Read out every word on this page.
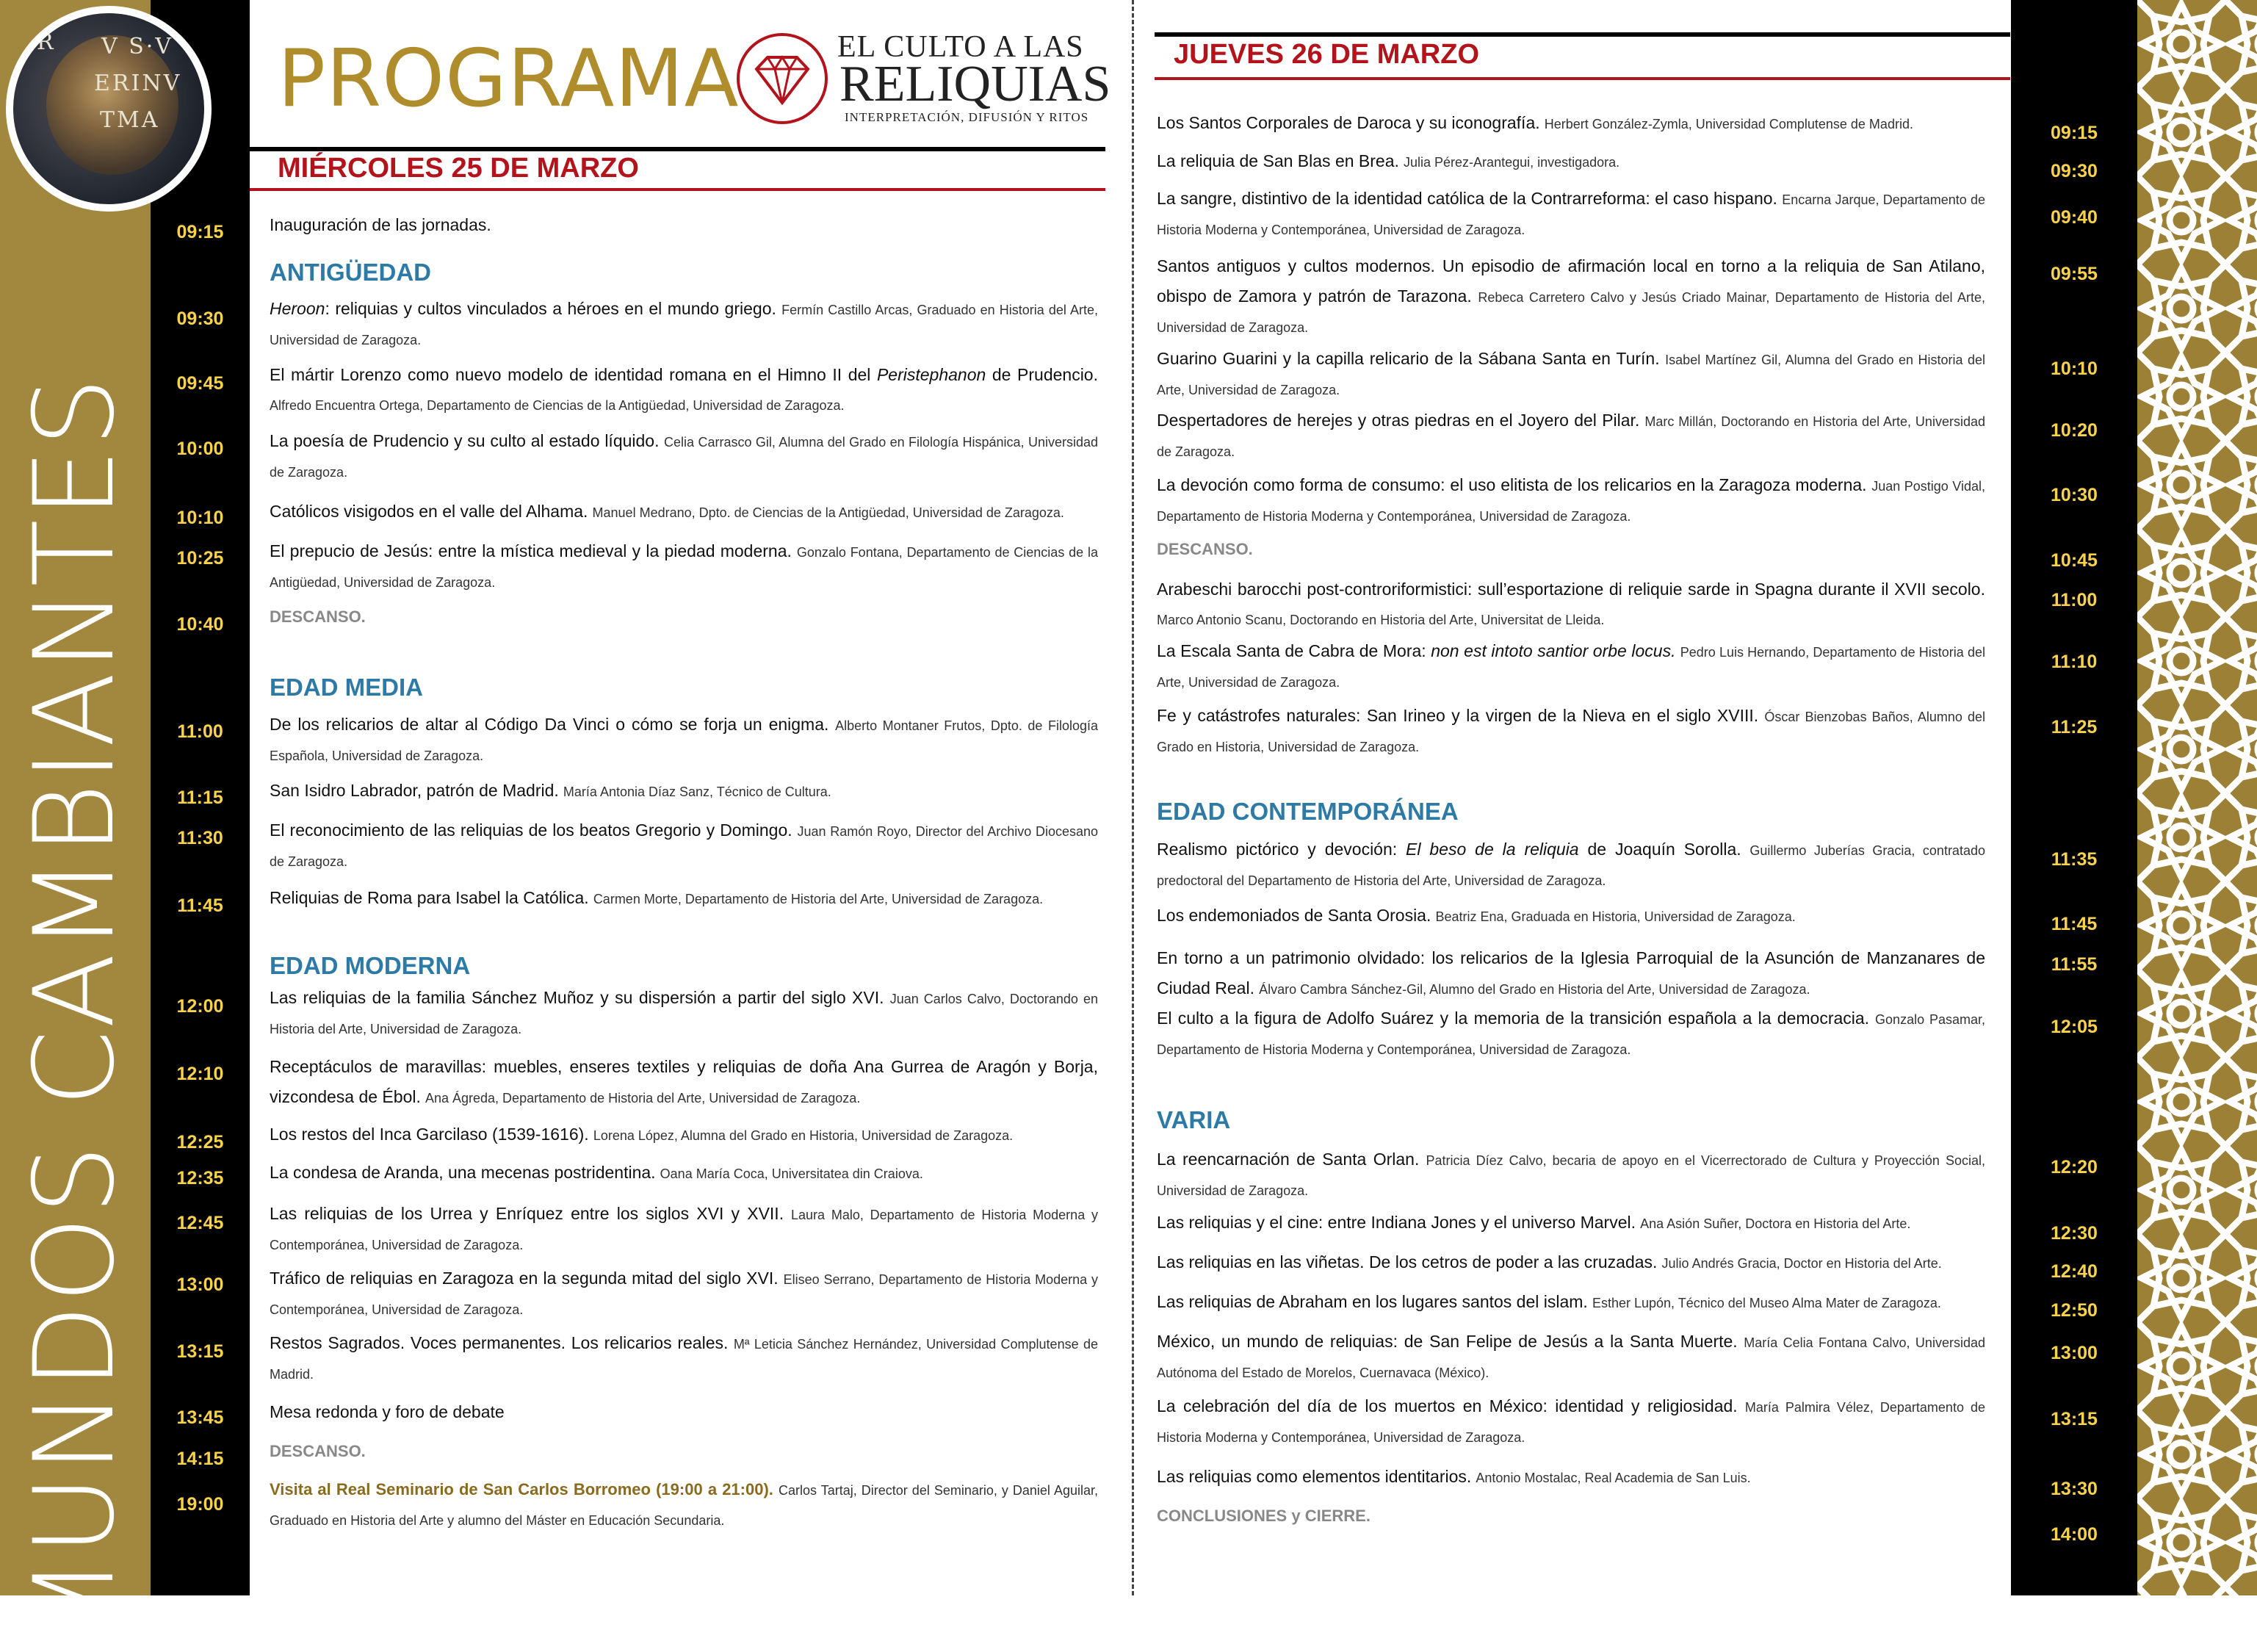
MUNDOS CAMBIANTES
R V S·V
ERINV
TMA PROGRAMA	EL CULTO A LAS
RELIQUIAS
INTERPRETACIÓN, DIFUSIÓN Y RITOS
MIÉRCOLES 25 DE MARZO
JUEVES 26 DE MARZO
09:15
09:30
09:45
10:00
10:10
10:25
10:40
11:00
11:15
11:30
11:45
12:00
12:10
12:25
12:35
12:45
13:00
13:15
13:45
14:15
19:00
09:15
09:30
09:40
09:55
10:10
10:20
10:30
10:45
11:00
11:10
11:25
11:35
11:45
11:55
12:05
12:20
12:30
12:40
12:50
13:00
13:15
13:30
14:00
Inauguración de las jornadas.
Heroon: reliquias y cultos vinculados a héroes en el mundo griego. Fermín Castillo Arcas, Graduado en Historia del Arte, Universidad de Zaragoza.
El mártir Lorenzo como nuevo modelo de identidad romana en el Himno II del Peristephanon de Prudencio. Alfredo Encuentra Ortega, Departamento de Ciencias de la Antigüedad, Universidad de Zaragoza.
La poesía de Prudencio y su culto al estado líquido. Celia Carrasco Gil, Alumna del Grado en Filología Hispánica, Universidad de Zaragoza.
Católicos visigodos en el valle del Alhama. Manuel Medrano, Dpto. de Ciencias de la Antigüedad, Universidad de Zaragoza.
El prepucio de Jesús: entre la mística medieval y la piedad moderna. Gonzalo Fontana, Departamento de Ciencias de la Antigüedad, Universidad de Zaragoza.
DESCANSO.
De los relicarios de altar al Código Da Vinci o cómo se forja un enigma. Alberto Montaner Frutos, Dpto. de Filología Española, Universidad de Zaragoza.
San Isidro Labrador, patrón de Madrid. María Antonia Díaz Sanz, Técnico de Cultura.
El reconocimiento de las reliquias de los beatos Gregorio y Domingo. Juan Ramón Royo, Director del Archivo Diocesano de Zaragoza.
Reliquias de Roma para Isabel la Católica. Carmen Morte, Departamento de Historia del Arte, Universidad de Zaragoza.
Las reliquias de la familia Sánchez Muñoz y su dispersión a partir del siglo XVI. Juan Carlos Calvo, Doctorando en Historia del Arte, Universidad de Zaragoza.
Receptáculos de maravillas: muebles, enseres textiles y reliquias de doña Ana Gurrea de Aragón y Borja, vizcondesa de Ébol. Ana Ágreda, Departamento de Historia del Arte, Universidad de Zaragoza.
Los restos del Inca Garcilaso (1539-1616). Lorena López, Alumna del Grado en Historia, Universidad de Zaragoza.
La condesa de Aranda, una mecenas postridentina. Oana María Coca, Universitatea din Craiova.
Las reliquias de los Urrea y Enríquez entre los siglos XVI y XVII. Laura Malo, Departamento de Historia Moderna y Contemporánea, Universidad de Zaragoza.
Tráfico de reliquias en Zaragoza en la segunda mitad del siglo XVI. Eliseo Serrano, Departamento de Historia Moderna y Contemporánea, Universidad de Zaragoza.
Restos Sagrados. Voces permanentes. Los relicarios reales. Mª Leticia Sánchez Hernández, Universidad Complutense de Madrid.
Mesa redonda y foro de debate
DESCANSO.
Visita al Real Seminario de San Carlos Borromeo (19:00 a 21:00). Carlos Tartaj, Director del Seminario, y Daniel Aguilar, Graduado en Historia del Arte y alumno del Máster en Educación Secundaria.
Los Santos Corporales de Daroca y su iconografía. Herbert González-Zymla, Universidad Complutense de Madrid.
La reliquia de San Blas en Brea. Julia Pérez-Arantegui, investigadora.
La sangre, distintivo de la identidad católica de la Contrarreforma: el caso hispano. Encarna Jarque, Departamento de Historia Moderna y Contemporánea, Universidad de Zaragoza.
Santos antiguos y cultos modernos. Un episodio de afirmación local en torno a la reliquia de San Atilano, obispo de Zamora y patrón de Tarazona. Rebeca Carretero Calvo y Jesús Criado Mainar, Departamento de Historia del Arte, Universidad de Zaragoza.
Guarino Guarini y la capilla relicario de la Sábana Santa en Turín. Isabel Martínez Gil, Alumna del Grado en Historia del Arte, Universidad de Zaragoza.
Despertadores de herejes y otras piedras en el Joyero del Pilar. Marc Millán, Doctorando en Historia del Arte, Universidad de Zaragoza.
La devoción como forma de consumo: el uso elitista de los relicarios en la Zaragoza moderna. Juan Postigo Vidal, Departamento de Historia Moderna y Contemporánea, Universidad de Zaragoza.
DESCANSO.
Arabeschi barocchi post-controriformistici: sull’esportazione di reliquie sarde in Spagna durante il XVII secolo. Marco Antonio Scanu, Doctorando en Historia del Arte, Universitat de Lleida.
La Escala Santa de Cabra de Mora: non est intoto santior orbe locus. Pedro Luis Hernando, Departamento de Historia del Arte, Universidad de Zaragoza.
Fe y catástrofes naturales: San Irineo y la virgen de la Nieva en el siglo XVIII. Óscar Bienzobas Baños, Alumno del Grado en Historia, Universidad de Zaragoza.
Realismo pictórico y devoción: El beso de la reliquia de Joaquín Sorolla. Guillermo Juberías Gracia, contratado predoctoral del Departamento de Historia del Arte, Universidad de Zaragoza.
Los endemoniados de Santa Orosia. Beatriz Ena, Graduada en Historia, Universidad de Zaragoza.
En torno a un patrimonio olvidado: los relicarios de la Iglesia Parroquial de la Asunción de Manzanares de Ciudad Real. Álvaro Cambra Sánchez-Gil, Alumno del Grado en Historia del Arte, Universidad de Zaragoza.
El culto a la figura de Adolfo Suárez y la memoria de la transición española a la democracia. Gonzalo Pasamar, Departamento de Historia Moderna y Contemporánea, Universidad de Zaragoza.
La reencarnación de Santa Orlan. Patricia Díez Calvo, becaria de apoyo en el Vicerrectorado de Cultura y Proyección Social, Universidad de Zaragoza.
Las reliquias y el cine: entre Indiana Jones y el universo Marvel. Ana Asión Suñer, Doctora en Historia del Arte.
Las reliquias en las viñetas. De los cetros de poder a las cruzadas. Julio Andrés Gracia, Doctor en Historia del Arte.
Las reliquias de Abraham en los lugares santos del islam. Esther Lupón, Técnico del Museo Alma Mater de Zaragoza.
México, un mundo de reliquias: de San Felipe de Jesús a la Santa Muerte. María Celia Fontana Calvo, Universidad Autónoma del Estado de Morelos, Cuernavaca (México).
La celebración del día de los muertos en México: identidad y religiosidad. María Palmira Vélez, Departamento de Historia Moderna y Contemporánea, Universidad de Zaragoza.
Las reliquias como elementos identitarios. Antonio Mostalac, Real Academia de San Luis.
CONCLUSIONES y CIERRE.
ANTIGÜEDAD
EDAD MEDIA
EDAD MODERNA
EDAD CONTEMPORÁNEA
VARIA
